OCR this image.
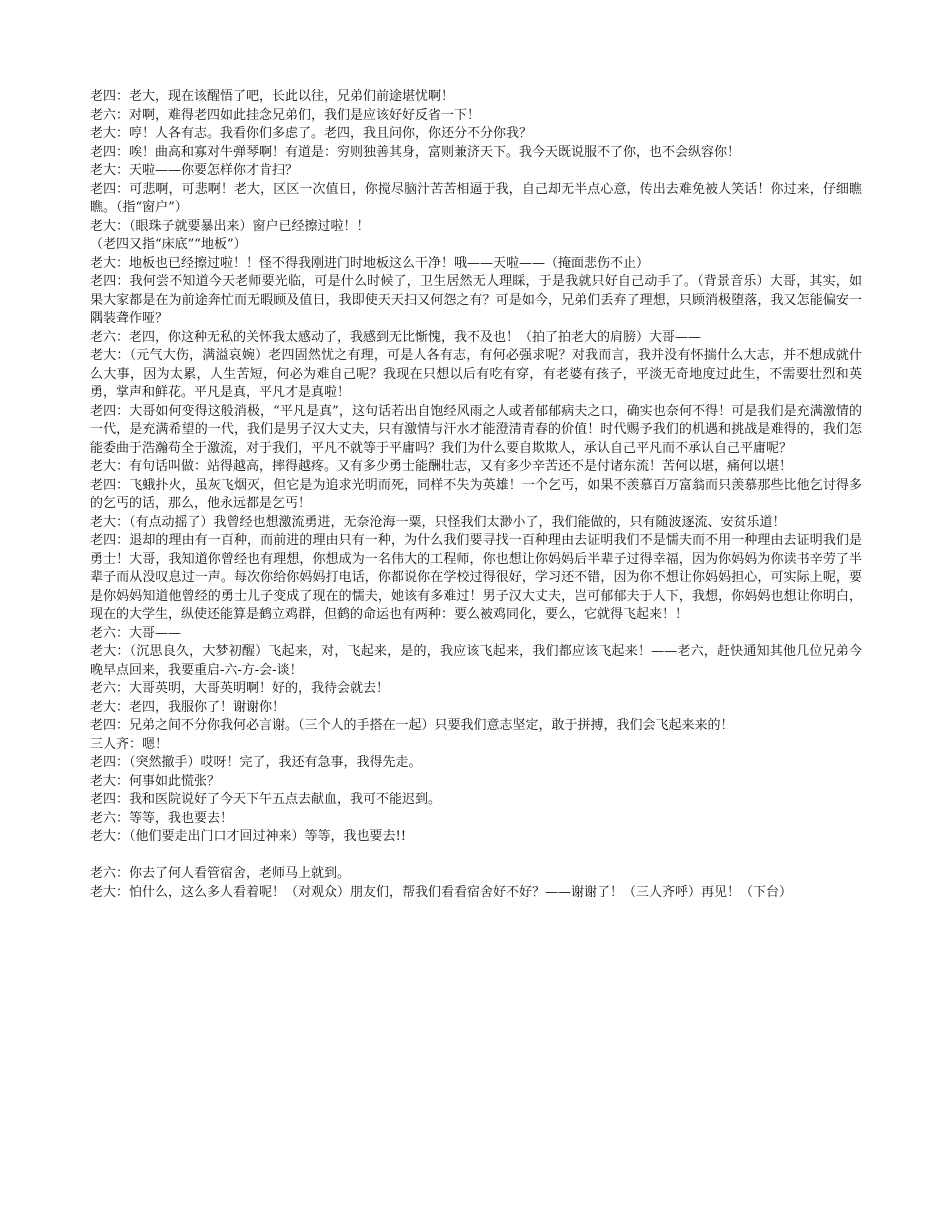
老四：老大，现在该醒悟了吧，长此以往，兄弟们前途堪忧啊！

老六：对啊，难得老四如此挂念兄弟们，我们是应该好好反省一下！

老大：哼！人各有志。我看你们多虑了。老四，我且问你，你还分不分你我？

老四：唉！曲高和寡对牛弹琴啊！有道是：穷则独善其身，富则兼济天下。我今天既说服不了你，也不会纵容你！

老大：天啦——你要怎样你才肯扫？

老四：可悲啊，可悲啊！老大，区区一次值日，你搅尽脑汁苦苦相逼于我，自己却无半点心意，传出去难免被人笑话！你过来，仔细瞧瞧。（指“窗户”）

老大：（眼珠子就要暴出来）窗户已经擦过啦！！

（老四又指“床底”“地板”）

老大：地板也已经擦过啦！！怪不得我刚进门时地板这么干净！哦——天啦——（掩面悲伤不止）

老四：我何尝不知道今天老师要光临，可是什么时候了，卫生居然无人理睬，于是我就只好自己动手了。（背景音乐）大哥，其实，如果大家都是在为前途奔忙而无暇顾及值日，我即使天天扫又何怨之有？可是如今，兄弟们丢弃了理想，只顾消极堕落，我又怎能偏安一隅装聋作哑？

老六：老四，你这种无私的关怀我太感动了，我感到无比惭愧，我不及也！（拍了拍老大的肩膀）大哥——

老大：（元气大伤，满溢哀婉）老四固然忧之有理，可是人各有志，有何必强求呢？对我而言，我并没有怀揣什么大志，并不想成就什么大事，因为太累，人生苦短，何必为难自己呢？我现在只想以后有吃有穿，有老婆有孩子，平淡无奇地度过此生，不需要壮烈和英勇，掌声和鲜花。平凡是真，平凡才是真啦！

老四：大哥如何变得这般消极，“平凡是真”，这句话若出自饱经风雨之人或者郁郁病夫之口，确实也奈何不得！可是我们是充满激情的一代，是充满希望的一代，我们是男子汉大丈夫，只有激情与汗水才能澄清青春的价值！时代赐予我们的机遇和挑战是难得的，我们怎能委曲于浩瀚苟全于激流，对于我们，平凡不就等于平庸吗？我们为什么要自欺欺人，承认自己平凡而不承认自己平庸呢？

老大：有句话叫做：站得越高，摔得越疼。又有多少勇士能酬壮志，又有多少辛苦还不是付诸东流！苦何以堪，痛何以堪！

老四：飞蛾扑火，虽灰飞烟灭，但它是为追求光明而死，同样不失为英雄！一个乞丐，如果不羡慕百万富翁而只羡慕那些比他乞讨得多的乞丐的话，那么，他永远都是乞丐！

老大：（有点动摇了）我曾经也想激流勇进，无奈沧海一粟，只怪我们太渺小了，我们能做的，只有随波逐流、安贫乐道！

老四：退却的理由有一百种，而前进的理由只有一种，为什么我们要寻找一百种理由去证明我们不是懦夫而不用一种理由去证明我们是勇士！大哥，我知道你曾经也有理想，你想成为一名伟大的工程师，你也想让你妈妈后半辈子过得幸福，因为你妈妈为你读书辛劳了半辈子而从没叹息过一声。每次你给你妈妈打电话，你都说你在学校过得很好，学习还不错，因为你不想让你妈妈担心，可实际上呢，要是你妈妈知道他曾经的勇士儿子变成了现在的懦夫，她该有多难过！男子汉大丈夫，岂可郁郁夫于人下，我想，你妈妈也想让你明白，现在的大学生，纵使还能算是鹤立鸡群，但鹤的命运也有两种：要么被鸡同化，要么，它就得飞起来！！

老六：大哥——

老大：（沉思良久，大梦初醒）飞起来，对，飞起来，是的，我应该飞起来，我们都应该飞起来！——老六，赶快通知其他几位兄弟今晚早点回来，我要重启-六-方-会-谈！

老六：大哥英明，大哥英明啊！好的，我待会就去！

老大：老四，我服你了！谢谢你！

老四：兄弟之间不分你我何必言谢。（三个人的手搭在一起）只要我们意志坚定，敢于拼搏，我们会飞起来来的！

三人齐：嗯！

老四：（突然撤手）哎呀！完了，我还有急事，我得先走。

老大：何事如此慌张？

老四：我和医院说好了今天下午五点去献血，我可不能迟到。

老六：等等，我也要去！

老大：（他们要走出门口才回过神来）等等，我也要去!!

老六：你去了何人看管宿舍，老师马上就到。

老大：怕什么，这么多人看着呢！（对观众）朋友们，帮我们看看宿舍好不好？——谢谢了！（三人齐呼）再见！（下台）
